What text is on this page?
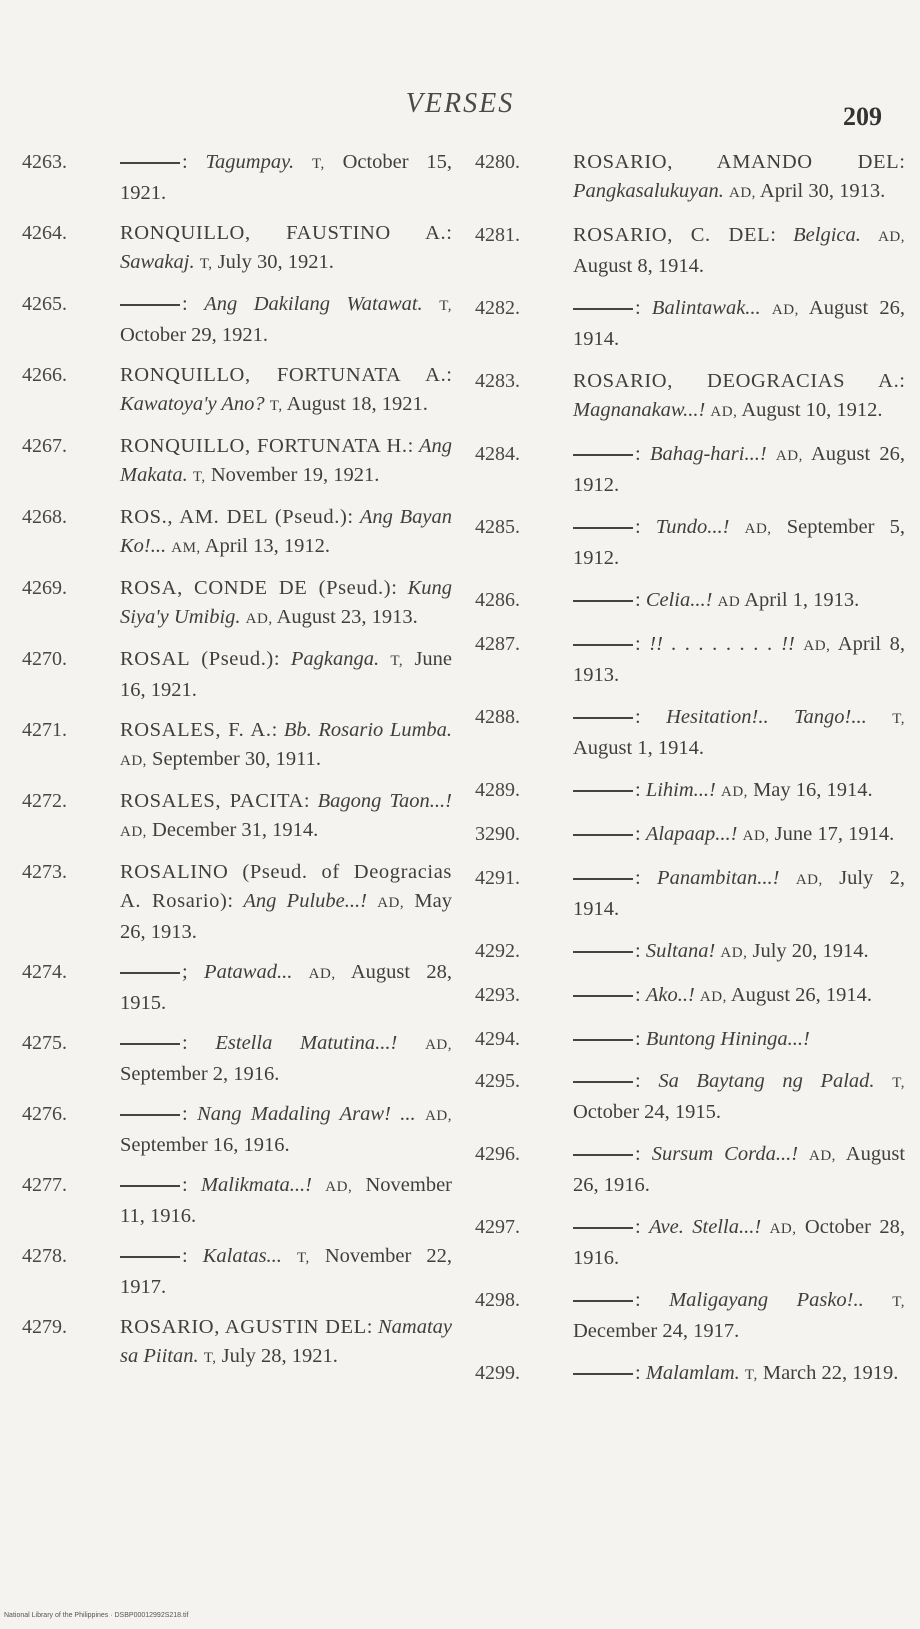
VERSES	209
4263.	: Tagumpay. T, October 15, 1921.
4264.	RONQUILLO, FAUSTINO A.: Sawakaj. T, July 30, 1921.
4265.	: Ang Dakilang Watawat. T, October 29, 1921.
4266.	RONQUILLO, FORTUNATA A.: Kawatoya'y Ano? T, August 18, 1921.
4267.	RONQUILLO, FORTUNATA H.: Ang Makata. T, November 19, 1921.
4268.	ROS., AM. DEL (Pseud.): Ang Bayan Ko!... AM, April 13, 1912.
4269.	ROSA, CONDE DE (Pseud.): Kung Siya'y Umibig. AD, August 23, 1913.
4270.	ROSAL (Pseud.): Pagkanga. T, June 16, 1921.
4271.	ROSALES, F. A.: Bb. Rosario Lumba. AD, September 30, 1911.
4272.	ROSALES, PACITA: Bagong Taon...! AD, December 31, 1914.
4273.	ROSALINO (Pseud. of Deogracias A. Rosario): Ang Pulube...! AD, May 26, 1913.
4274.	; Patawad... AD, August 28, 1915.
4275.	: Estella Matutina...! AD, September 2, 1916.
4276.	: Nang Madaling Araw! ... AD, September 16, 1916.
4277.	: Malikmata...! AD, November 11, 1916.
4278.	: Kalatas... T, November 22, 1917.
4279.	ROSARIO, AGUSTIN DEL: Namatay sa Piitan. T, July 28, 1921.
4280.	ROSARIO, AMANDO DEL: Pangkasalukuyan. AD, April 30, 1913.
4281.	ROSARIO, C. DEL: Belgica. AD, August 8, 1914.
4282.	: Balintawak... AD, August 26, 1914.
4283.	ROSARIO, DEOGRACIAS A.: Magnanakaw...! AD, August 10, 1912.
4284.	: Bahag-hari...! AD, August 26, 1912.
4285.	: Tundo...! AD, September 5, 1912.
4286.	: Celia...! AD April 1, 1913.
4287.	: !! . . . . . . . . !! AD, April 8, 1913.
4288.	: Hesitation!.. Tango!... T, August 1, 1914.
4289.	: Lihim...! AD, May 16, 1914.
3290.	: Alapaap...! AD, June 17, 1914.
4291.	: Panambitan...! AD, July 2, 1914.
4292.	: Sultana! AD, July 20, 1914.
4293.	: Ako..! AD, August 26, 1914.
4294.	: Buntong Hininga...!
4295.	: Sa Baytang ng Palad. T, October 24, 1915.
4296.	: Sursum Corda...! AD, August 26, 1916.
4297.	: Ave. Stella...! AD, October 28, 1916.
4298.	: Maligayang Pasko!.. T, December 24, 1917.
4299.	: Malamlam. T, March 22, 1919.
National Library of the Philippines · DSBP00012992S218.tif
